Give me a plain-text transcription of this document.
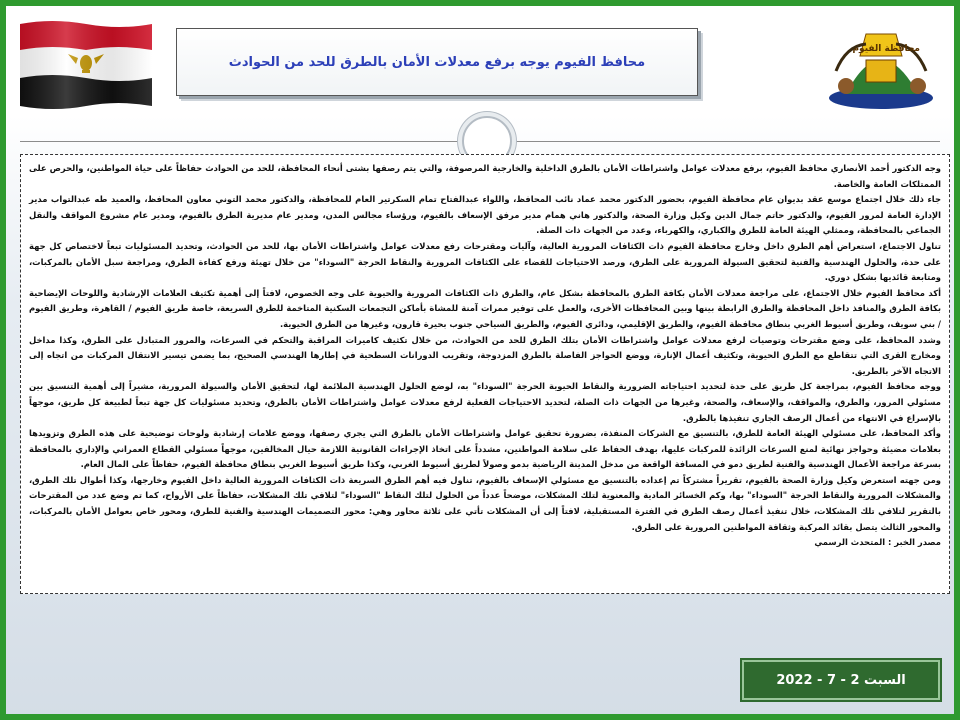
محافظة الفيوم
محافظ الفيوم يوجه برفع معدلات الأمان بالطرق للحد من الحوادث

وجه الدكتور أحمد الأنصاري محافظ الفيوم، برفع معدلات عوامل واشتراطات الأمان بالطرق الداخلية والخارجية المرصوفة، والتي يتم رصفها بشتى أنحاء المحافظة، للحد من الحوادث حفاظاً على حياة المواطنين، والحرص على الممتلكات العامة والخاصة.

جاء ذلك خلال اجتماع موسع عقد بديوان عام محافظة الفيوم، بحضور الدكتور محمد عماد نائب المحافظ، واللواء عبدالفتاح تمام السكرتير العام للمحافظة، والدكتور محمد التوني معاون المحافظ، والعميد طه عبدالتواب مدير الإدارة العامة لمرور الفيوم، والدكتور حاتم جمال الدين وكيل وزارة الصحة، والدكتور هاني همام مدير مرفق الإسعاف بالفيوم، ورؤساء مجالس المدن، ومدير عام مديرية الطرق بالفيوم، ومدير عام مشروع المواقف والنقل الجماعي بالمحافظة، وممثلي الهيئة العامة للطرق والكباري، والكهرباء، وعدد من الجهات ذات الصلة.

تناول الاجتماع، استعراض أهم الطرق داخل وخارج محافظة الفيوم ذات الكثافات المرورية العالية، وآليات ومقترحات رفع معدلات عوامل واشتراطات الأمان بها، للحد من الحوادث، وتحديد المسئوليات تبعاً لاختصاص كل جهة على حدة، والحلول الهندسية والفنية لتحقيق السيولة المرورية على الطرق، ورصد الاحتياجات للقضاء على الكثافات المرورية والنقاط الحرجة "السوداء" من خلال تهيئة ورفع كفاءة الطرق، ومراجعة سبل الأمان بالمركبات، ومتابعة قائديها بشكل دوري.

أكد محافظ الفيوم خلال الاجتماع، على مراجعة معدلات الأمان بكافة الطرق بالمحافظة بشكل عام، والطرق ذات الكثافات المرورية والحيوية على وجه الخصوص، لافتاً إلى أهمية تكثيف العلامات الإرشادية واللوحات الإيضاحية بكافة الطرق والمنافذ داخل المحافظة والطرق الرابطة بينها وبين المحافظات الأخرى، والعمل على توفير ممرات آمنة للمشاة بأماكن التجمعات السكنية المتاخمة للطرق السريعة، خاصة طريق الفيوم / القاهرة، وطريق الفيوم / بني سويف، وطريق أسيوط الغربي بنطاق محافظة الفيوم، والطريق الإقليمي، ودائري الفيوم، والطريق السياحي جنوب بحيرة قارون، وغيرها من الطرق الحيوية.

وشدد المحافظ، على وضع مقترحات وتوصيات لرفع معدلات عوامل واشتراطات الأمان بتلك الطرق للحد من الحوادث، من خلال تكثيف كاميرات المراقبة والتحكم في السرعات، والمرور المتبادل على الطرق، وكذا مداخل ومخارج القرى التي تتقاطع مع الطرق الحيوية، وتكثيف أعمال الإنارة، ووضع الحواجز الفاصلة بالطرق المزدوجة، وتقريب الدورانات السطحية في إطارها الهندسي الصحيح، بما يضمن تيسير الانتقال المركبات من اتجاه إلى الاتجاه الآخر بالطريق.

ووجه محافظ الفيوم، بمراجعة كل طريق على حدة لتحديد احتياجاته الضرورية والنقاط الحيوية الحرجة "السوداء" به، لوضع الحلول الهندسية الملائمة لها، لتحقيق الأمان والسيولة المرورية، مشيراً إلى أهمية التنسيق بين مسئولي المرور، والطرق، والمواقف، والإسعاف، والصحة، وغيرها من الجهات ذات الصلة، لتحديد الاحتياجات الفعلية لرفع معدلات عوامل واشتراطات الأمان بالطرق، وتحديد مسئوليات كل جهة تبعاً لطبيعة كل طريق، موجهاً بالإسراع في الانتهاء من أعمال الرصف الجاري تنفيذها بالطرق.

وأكد المحافظ، على مسئولي الهيئة العامة للطرق، بالتنسيق مع الشركات المنفذة، بضرورة تحقيق عوامل واشتراطات الأمان بالطرق التي يجري رصفها، ووضع علامات إرشادية ولوحات توضيحية على هذه الطرق وتزويدها بعلامات مضيئة وحواجز نهائية لمنع السرعات الزائدة للمركبات عليها، بهدف الحفاظ على سلامة المواطنين، مشدداً على اتخاذ الإجراءات القانونية اللازمة حيال المخالفين، موجهاً مسئولي القطاع العمراني والإداري بالمحافظة بسرعة مراجعة الأعمال الهندسية والفنية لطريق دمو في المسافة الواقعة من مدخل المدينة الرياضية بدمو وصولاً لطريق أسيوط الغربي، وكذا طريق أسيوط الغربي بنطاق محافظة الفيوم، حفاظاً على المال العام.

ومن جهته استعرض وكيل وزارة الصحة بالفيوم، تقريراً مشتركاً تم إعداده بالتنسيق مع مسئولي الإسعاف بالفيوم، تناول فيه أهم الطرق السريعة ذات الكثافات المرورية العالية داخل الفيوم وخارجها، وكذا أطوال تلك الطرق، والمشكلات المرورية والنقاط الحرجة "السوداء" بها، وكم الخسائر المادية والمعنوية لتلك المشكلات، موضحاً عدداً من الحلول لتلك النقاط "السوداء" لتلافي تلك المشكلات، حفاظاً على الأرواح، كما تم وضع عدد من المقترحات بالتقرير لتلافي تلك المشكلات، خلال تنفيذ أعمال رصف الطرق في الفترة المستقبلية، لافتاً إلى أن المشكلات تأتي على ثلاثة محاور وهي: محور التصميمات الهندسية والفنية للطرق، ومحور خاص بعوامل الأمان بالمركبات، والمحور الثالث يتصل بقائد المركبة وثقافة المواطنين المرورية على الطرق.

مصدر الخبر : المتحدث الرسمي

السبت 2 - 7 - 2022
